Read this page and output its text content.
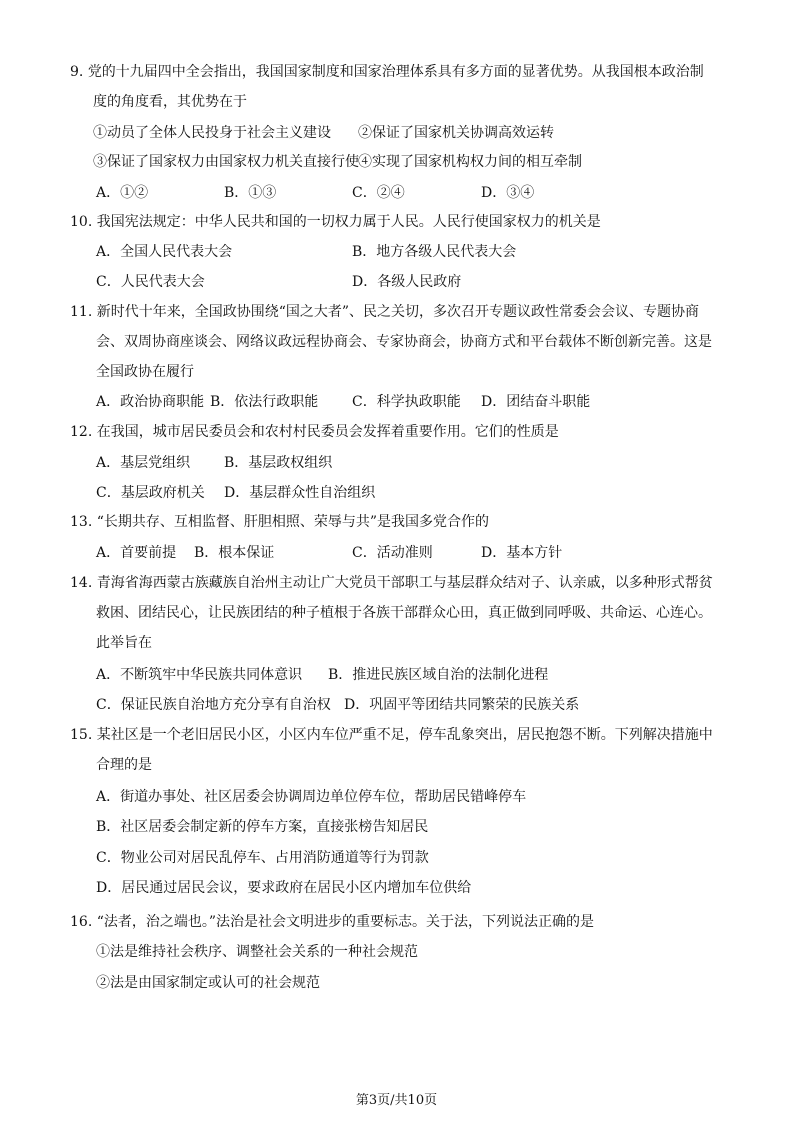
9. 党的十九届四中全会指出，我国国家制度和国家治理体系具有多方面的显著优势。从我国根本政治制
度的角度看，其优势在于
①动员了全体人民投身于社会主义建设 ②保证了国家机关协调高效运转
③保证了国家权力由国家权力机关直接行使 ④实现了国家机构权力间的相互牵制
A．①②	B．①③	C．②④	D．③④
10. 我国宪法规定：中华人民共和国的一切权力属于人民。人民行使国家权力的机关是
A．全国人民代表大会	B．地方各级人民代表大会
C．人民代表大会	D．各级人民政府
11. 新时代十年来，全国政协围绕“国之大者”、民之关切，多次召开专题议政性常委会会议、专题协商
会、双周协商座谈会、网络议政远程协商会、专家协商会，协商方式和平台载体不断创新完善。这是
全国政协在履行
A．政治协商职能 B．依法行政职能 C．科学执政职能 D．团结奋斗职能
12. 在我国，城市居民委员会和农村村民委员会发挥着重要作用。它们的性质是
A．基层党组织 B．基层政权组织
C．基层政府机关 D．基层群众性自治组织
13. “长期共存、互相监督、肝胆相照、荣辱与共”是我国多党合作的
A．首要前提 B．根本保证	C．活动准则	D．基本方针
14. 青海省海西蒙古族藏族自治州主动让广大党员干部职工与基层群众结对子、认亲戚，以多种形式帮贫
救困、团结民心，让民族团结的种子植根于各族干部群众心田，真正做到同呼吸、共命运、心连心。
此举旨在
A．不断筑牢中华民族共同体意识 B．推进民族区域自治的法制化进程
C．保证民族自治地方充分享有自治权 D．巩固平等团结共同繁荣的民族关系
15. 某社区是一个老旧居民小区，小区内车位严重不足，停车乱象突出，居民抱怨不断。下列解决措施中
合理的是
A．街道办事处、社区居委会协调周边单位停车位，帮助居民错峰停车
B．社区居委会制定新的停车方案，直接张榜告知居民
C．物业公司对居民乱停车、占用消防通道等行为罚款
D．居民通过居民会议，要求政府在居民小区内增加车位供给
16. “法者，治之端也。”法治是社会文明进步的重要标志。关于法，下列说法正确的是
①法是维持社会秩序、调整社会关系的一种社会规范
②法是由国家制定或认可的社会规范
第3页/共10页
